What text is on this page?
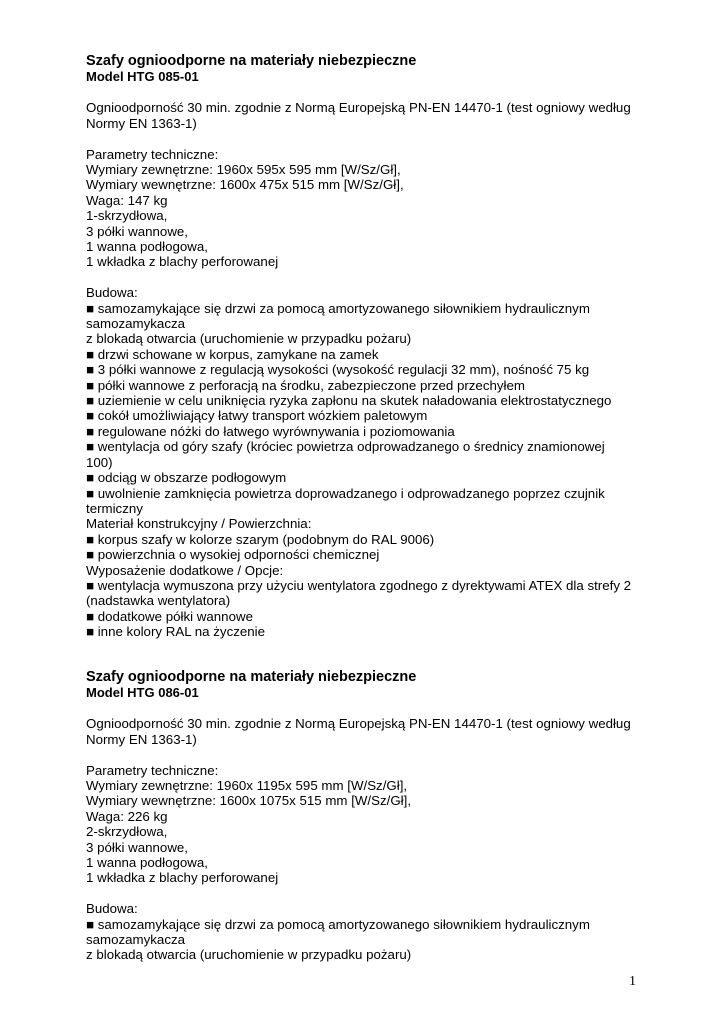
Szafy ognioodporne na materiały niebezpieczne

Model HTG 085-01

Ognioodporność 30 min. zgodnie z Normą Europejską PN-EN 14470-1 (test ogniowy według

Normy EN 1363-1)

Parametry techniczne:

Wymiary zewnętrzne: 1960x 595x 595 mm [W/Sz/Gł],

Wymiary wewnętrzne: 1600x 475x 515 mm [W/Sz/Gł],

Waga: 147 kg

1-skrzydłowa,

3 półki wannowe,

1 wanna podłogowa,

1 wkładka z blachy perforowanej

Budowa:

■ samozamykające się drzwi za pomocą amortyzowanego siłownikiem hydraulicznym

samozamykacza

z blokadą otwarcia (uruchomienie w przypadku pożaru)

■ drzwi schowane w korpus, zamykane na zamek

■ 3 półki wannowe z regulacją wysokości (wysokość regulacji 32 mm), nośność 75 kg

■ półki wannowe z perforacją na środku, zabezpieczone przed przechyłem

■ uziemienie w celu uniknięcia ryzyka zapłonu na skutek naładowania elektrostatycznego

■ cokół umożliwiający łatwy transport wózkiem paletowym

■ regulowane nóżki do łatwego wyrównywania i poziomowania

■ wentylacja od góry szafy (króciec powietrza odprowadzanego o średnicy znamionowej

100)

■ odciąg w obszarze podłogowym

■ uwolnienie zamknięcia powietrza doprowadzanego i odprowadzanego poprzez czujnik

termiczny

Materiał konstrukcyjny / Powierzchnia:

■ korpus szafy w kolorze szarym (podobnym do RAL 9006)

■ powierzchnia o wysokiej odporności chemicznej

Wyposażenie dodatkowe / Opcje:

■ wentylacja wymuszona przy użyciu wentylatora zgodnego z dyrektywami ATEX dla strefy 2

(nadstawka wentylatora)

■ dodatkowe półki wannowe

■ inne kolory RAL na życzenie

Szafy ognioodporne na materiały niebezpieczne

Model HTG 086-01

Ognioodporność 30 min. zgodnie z Normą Europejską PN-EN 14470-1 (test ogniowy według

Normy EN 1363-1)

Parametry techniczne:

Wymiary zewnętrzne: 1960x 1195x 595 mm [W/Sz/Gł],

Wymiary wewnętrzne: 1600x 1075x 515 mm [W/Sz/Gł],

Waga: 226 kg

2-skrzydłowa,

3 półki wannowe,

1 wanna podłogowa,

1 wkładka z blachy perforowanej

Budowa:

■ samozamykające się drzwi za pomocą amortyzowanego siłownikiem hydraulicznym

samozamykacza

z blokadą otwarcia (uruchomienie w przypadku pożaru)

1
